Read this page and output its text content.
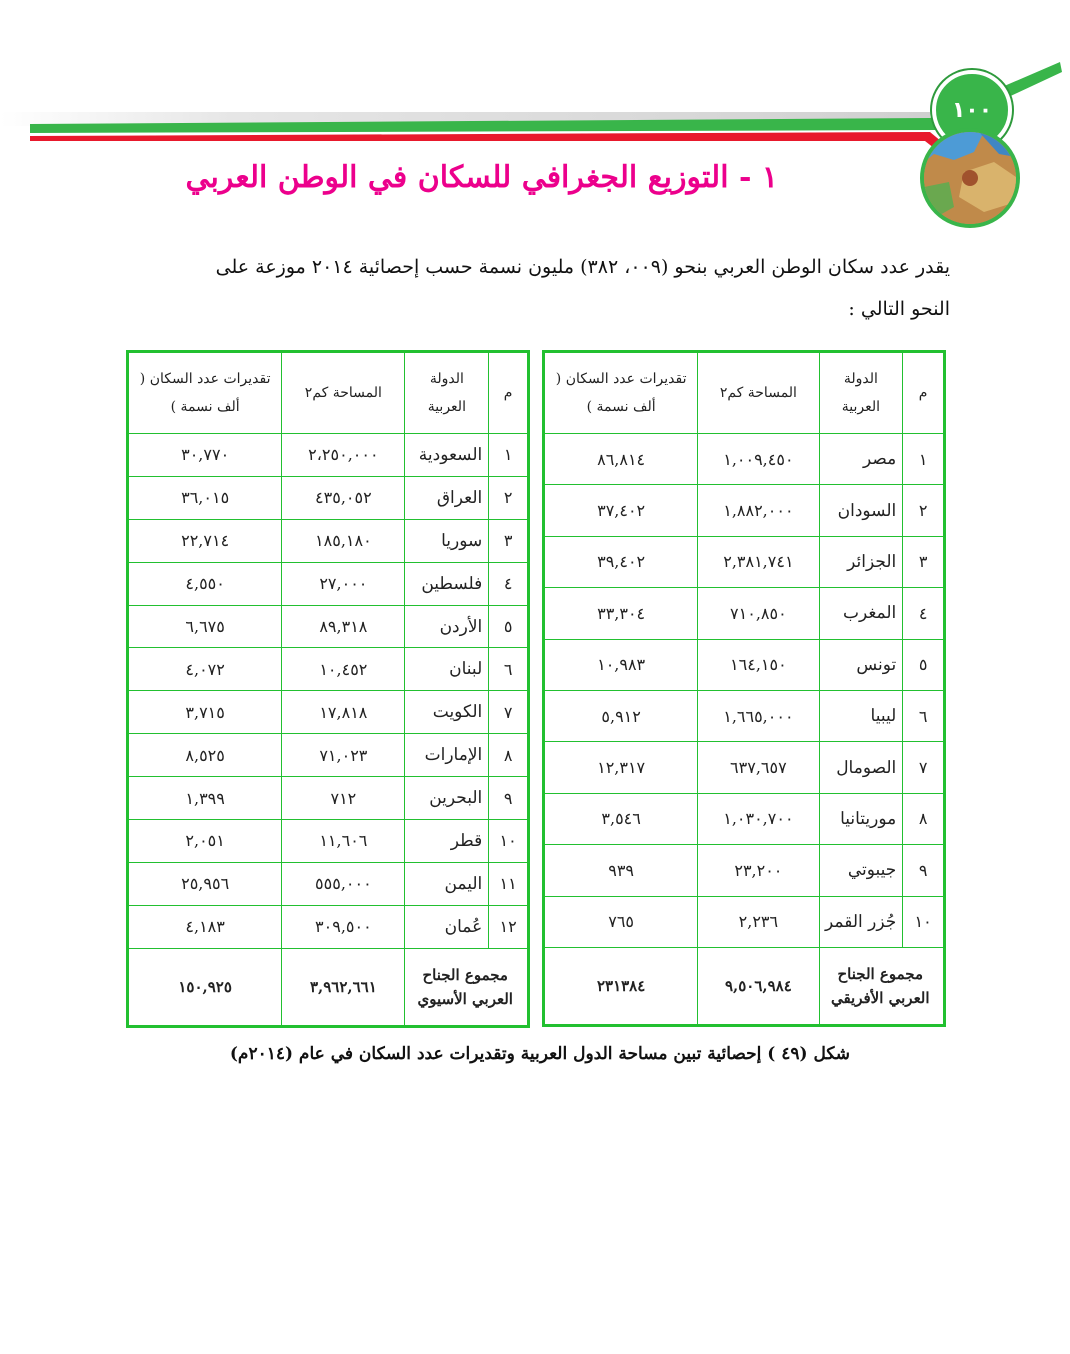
١٠٠
١ - التوزيع الجغرافي للسكان في الوطن العربي

يقدر عدد سكان الوطن العربي بنحو (٠٠٩، ٣٨٢) مليون نسمة حسب إحصائية ٢٠١٤ موزعة على

النحو التالي :

م	الدولة العربية	المساحة كم٢	تقديرات عدد السكان ( ألف نسمة )
١	مصر	١,٠٠٩,٤٥٠	٨٦,٨١٤
٢	السودان	١,٨٨٢,٠٠٠	٣٧,٤٠٢
٣	الجزائر	٢,٣٨١,٧٤١	٣٩,٤٠٢
٤	المغرب	٧١٠,٨٥٠	٣٣,٣٠٤
٥	تونس	١٦٤,١٥٠	١٠,٩٨٣
٦	ليبيا	١,٦٦٥,٠٠٠	٥,٩١٢
٧	الصومال	٦٣٧,٦٥٧	١٢,٣١٧
٨	موريتانيا	١,٠٣٠,٧٠٠	٣,٥٤٦
٩	جيبوتي	٢٣,٢٠٠	٩٣٩
١٠	جُزر القمر	٢,٢٣٦	٧٦٥
مجموع الجناح العربي الأفريقي		٩,٥٠٦,٩٨٤	٢٣١٣٨٤
م	الدولة العربية	المساحة كم٢	تقديرات عدد السكان ( ألف نسمة )
١	السعودية	٢،٢٥٠,٠٠٠	٣٠,٧٧٠
٢	العراق	٤٣٥,٠٥٢	٣٦,٠١٥
٣	سوريا	١٨٥,١٨٠	٢٢,٧١٤
٤	فلسطين	٢٧,٠٠٠	٤,٥٥٠
٥	الأردن	٨٩,٣١٨	٦,٦٧٥
٦	لبنان	١٠,٤٥٢	٤,٠٧٢
٧	الكويت	١٧,٨١٨	٣,٧١٥
٨	الإمارات	٧١,٠٢٣	٨,٥٢٥
٩	البحرين	٧١٢	١,٣٩٩
١٠	قطر	١١,٦٠٦	٢,٠٥١
١١	اليمن	٥٥٥,٠٠٠	٢٥,٩٥٦
١٢	عُمان	٣٠٩,٥٠٠	٤,١٨٣
مجموع الجناح العربي الأسيوي		٣,٩٦٢,٦٦١	١٥٠,٩٢٥
شكل (٤٩ ) إحصائية تبين مساحة الدول العربية وتقديرات عدد السكان في عام (٢٠١٤م)
